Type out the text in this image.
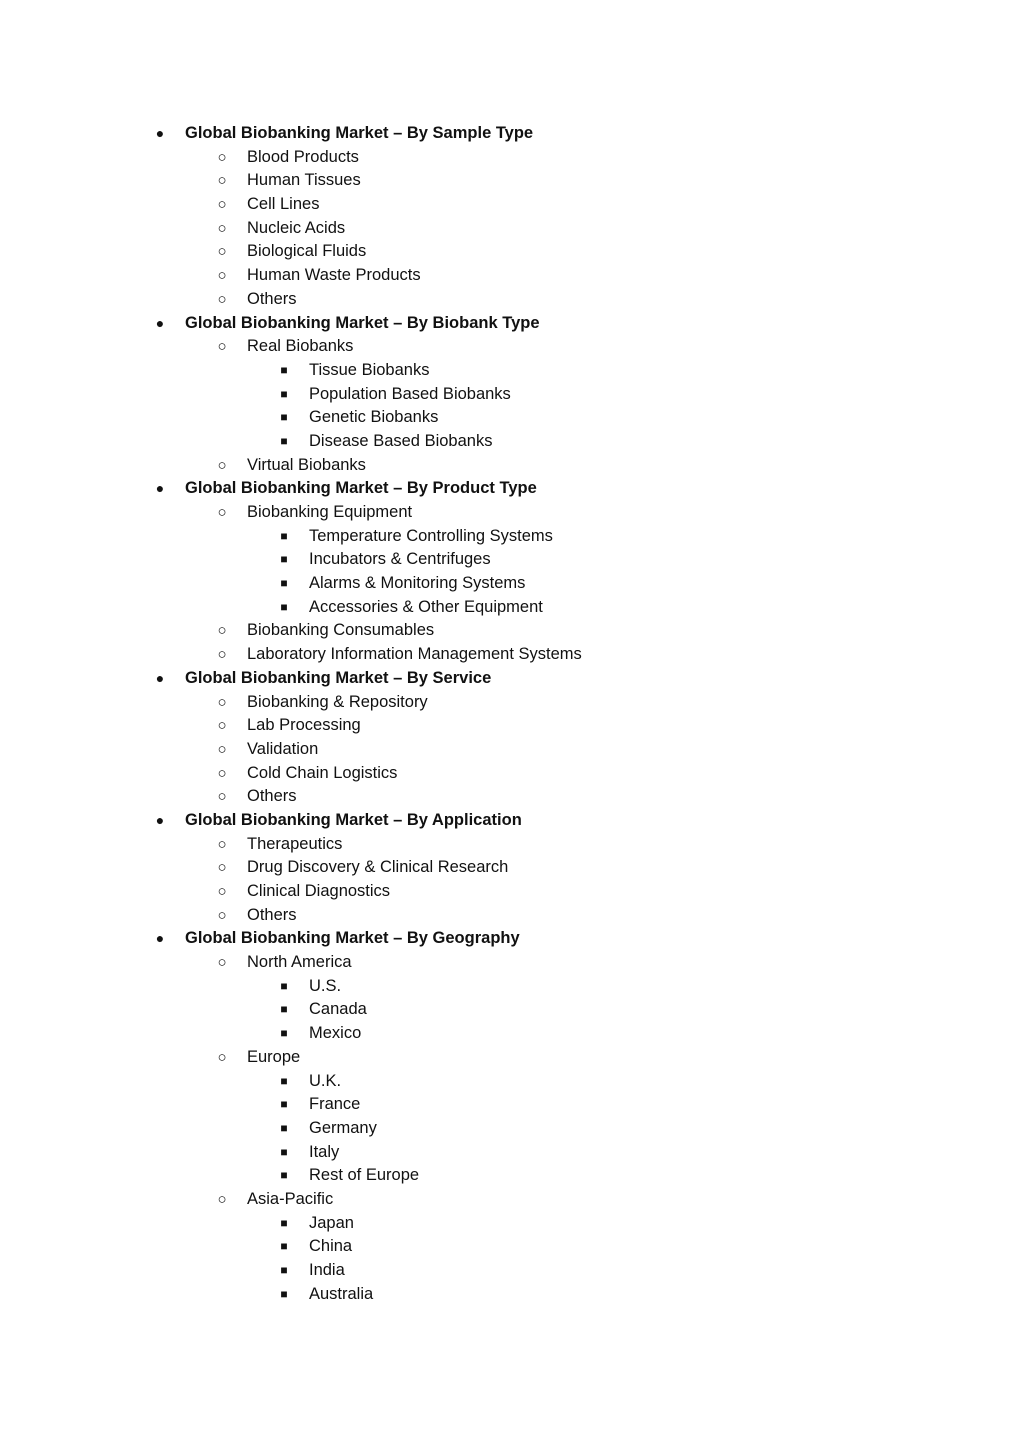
● Global Biobanking Market – By Sample Type
○ Blood Products
○ Human Tissues
○ Cell Lines
○ Nucleic Acids
○ Biological Fluids
○ Human Waste Products
○ Others
● Global Biobanking Market – By Biobank Type
○ Real Biobanks
■ Tissue Biobanks
■ Population Based Biobanks
■ Genetic Biobanks
■ Disease Based Biobanks
○ Virtual Biobanks
● Global Biobanking Market – By Product Type
○ Biobanking Equipment
■ Temperature Controlling Systems
■ Incubators & Centrifuges
■ Alarms & Monitoring Systems
■ Accessories & Other Equipment
○ Biobanking Consumables
○ Laboratory Information Management Systems
● Global Biobanking Market – By Service
○ Biobanking & Repository
○ Lab Processing
○ Validation
○ Cold Chain Logistics
○ Others
● Global Biobanking Market – By Application
○ Therapeutics
○ Drug Discovery & Clinical Research
○ Clinical Diagnostics
○ Others
● Global Biobanking Market – By Geography
○ North America
■ U.S.
■ Canada
■ Mexico
○ Europe
■ U.K.
■ France
■ Germany
■ Italy
■ Rest of Europe
○ Asia-Pacific
■ Japan
■ China
■ India
■ Australia
